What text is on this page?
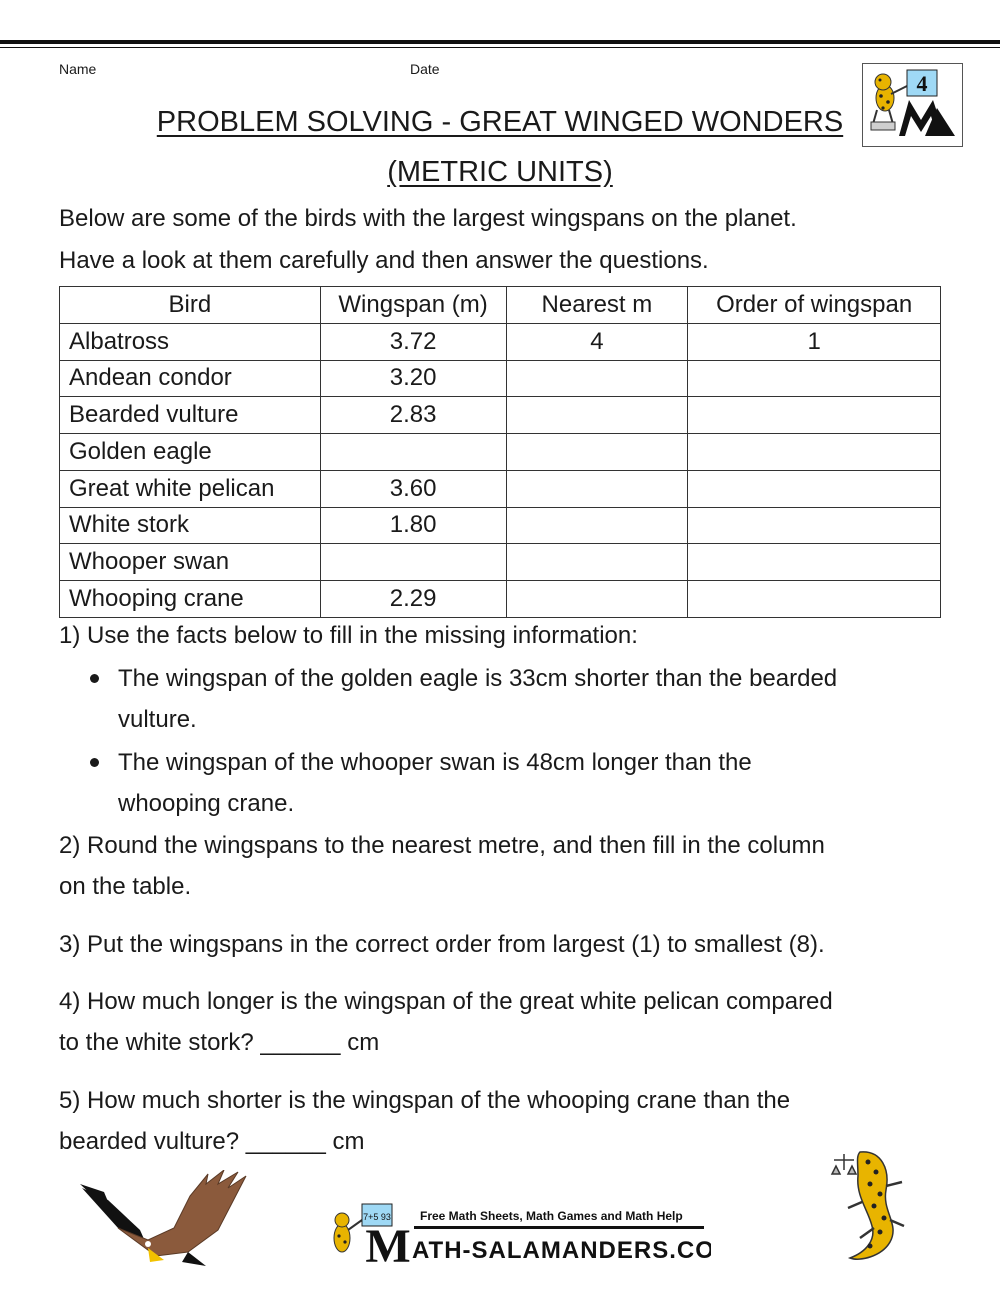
Name	Date
4
PROBLEM SOLVING - GREAT WINGED WONDERS
(METRIC UNITS)
Below are some of the birds with the largest wingspans on the planet.
Have a look at them carefully and then answer the questions.
Bird	Wingspan (m)	Nearest m	Order of wingspan
Albatross	3.72	4	1
Andean condor	3.20		
Bearded vulture	2.83		
Golden eagle			
Great white pelican	3.60		
White stork	1.80		
Whooper swan			
Whooping crane	2.29		
1) Use the facts below to fill in the missing information:
The wingspan of the golden eagle is 33cm shorter than the bearded
vulture.
The wingspan of the whooper swan is 48cm longer than the
whooping crane.
2) Round the wingspans to the nearest metre, and then fill in the column
on the table.
3) Put the wingspans in the correct order from largest (1) to smallest (8).
4) How much longer is the wingspan of the great white pelican compared
to the white stork? ______ cm
5) How much shorter is the wingspan of the whooping crane than the
bearded vulture? ______ cm
7+5 93
M
Free Math Sheets, Math Games and Math Help
ATH-SALAMANDERS.COM
